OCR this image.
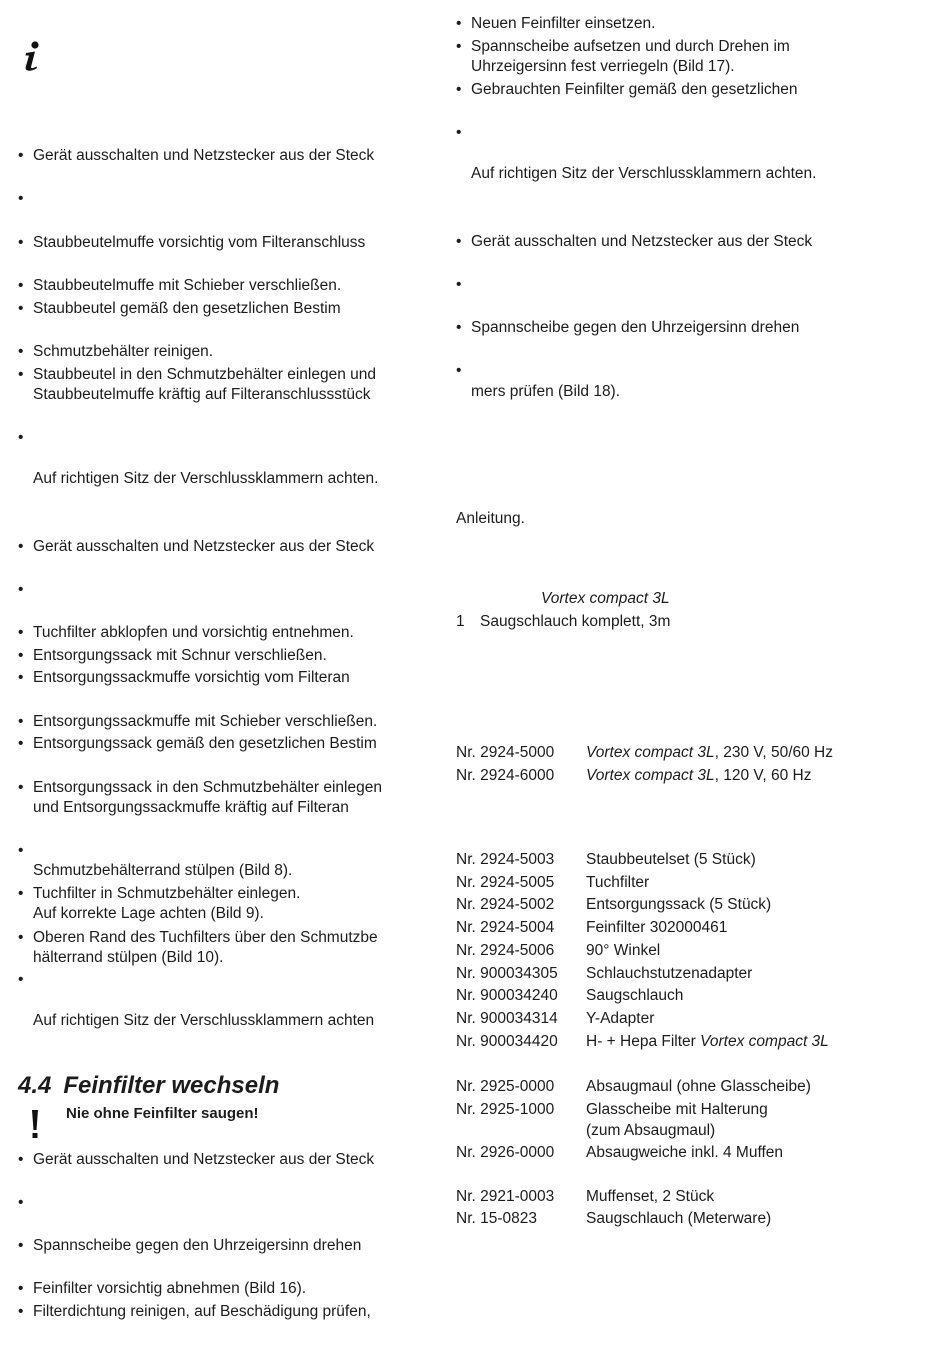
• Gerät ausschalten und Netzstecker aus der Steck
•
• Staubbeutelmuffe vorsichtig vom Filteranschluss
• Staubbeutelmuffe mit Schieber verschließen.
• Staubbeutel gemäß den gesetzlichen Bestim
• Schmutzbehälter reinigen.
• Staubbeutel in den Schmutzbehälter einlegen und
Staubbeutelmuffe kräftig auf Filteranschlussstück
•
Auf richtigen Sitz der Verschlussklammern achten.
• Gerät ausschalten und Netzstecker aus der Steck
•
• Tuchfilter abklopfen und vorsichtig entnehmen.
• Entsorgungssack mit Schnur verschließen.
• Entsorgungssackmuffe vorsichtig vom Filteran
• Entsorgungssackmuffe mit Schieber verschließen.
• Entsorgungssack gemäß den gesetzlichen Bestim
• Entsorgungssack in den Schmutzbehälter einlegen
und Entsorgungssackmuffe kräftig auf Filteran
•
Schmutzbehälterrand stülpen (Bild 8).
• Tuchfilter in Schmutzbehälter einlegen.
Auf korrekte Lage achten (Bild 9).
• Oberen Rand des Tuchfilters über den Schmutzbe
hälterrand stülpen (Bild 10).
•
Auf richtigen Sitz der Verschlussklammern achten
4.4 Feinfilter wechseln
Nie ohne Feinfilter saugen!
• Gerät ausschalten und Netzstecker aus der Steck
•
• Spannscheibe gegen den Uhrzeigersinn drehen
• Feinfilter vorsichtig abnehmen (Bild 16).
• Filterdichtung reinigen, auf Beschädigung prüfen,
• Neuen Feinfilter einsetzen.
• Spannscheibe aufsetzen und durch Drehen im
Uhrzeigersinn fest verriegeln (Bild 17).
• Gebrauchten Feinfilter gemäß den gesetzlichen
•
Auf richtigen Sitz der Verschlussklammern achten.
• Gerät ausschalten und Netzstecker aus der Steck
•
• Spannscheibe gegen den Uhrzeigersinn drehen
•
mers prüfen (Bild 18).
Anleitung.
Vortex compact 3L
1 Saugschlauch komplett, 3m
Nr. 2924-5000 Vortex compact 3L, 230 V, 50/60 Hz
Nr. 2924-6000 Vortex compact 3L, 120 V, 60 Hz
Nr. 2924-5003 Staubbeutelset (5 Stück)
Nr. 2924-5005 Tuchfilter
Nr. 2924-5002 Entsorgungssack (5 Stück)
Nr. 2924-5004 Feinfilter 302000461
Nr. 2924-5006 90° Winkel
Nr. 900034305 Schlauchstutzenadapter
Nr. 900034240 Saugschlauch
Nr. 900034314 Y-Adapter
Nr. 900034420 H- + Hepa Filter Vortex compact 3L
Nr. 2925-0000 Absaugmaul (ohne Glasscheibe)
Nr. 2925-1000 Glasscheibe mit Halterung
(zum Absaugmaul)
Nr. 2926-0000 Absaugweiche inkl. 4 Muffen
Nr. 2921-0003 Muffenset, 2 Stück
Nr. 15-0823	Saugschlauch (Meterware)
